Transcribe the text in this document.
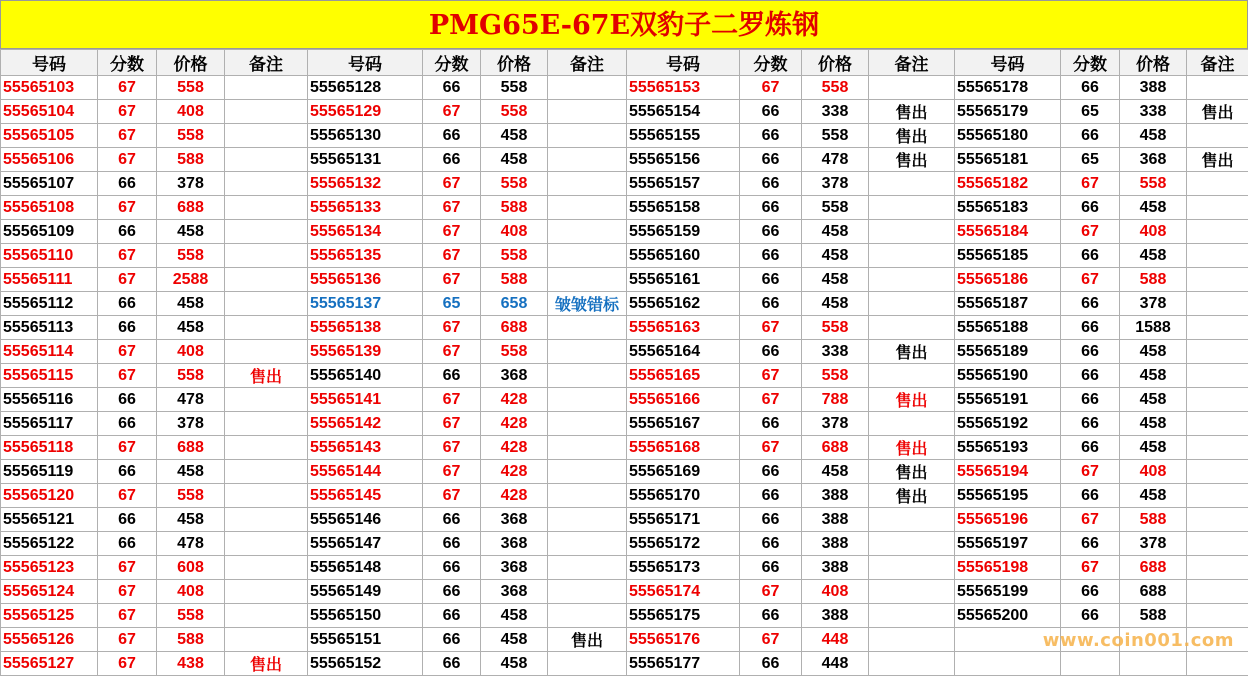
PMG65E-67E双豹子二罗炼钢
号码	分数	价格	备注	号码	分数	价格	备注	号码	分数	价格	备注	号码	分数	价格	备注
55565103	67	558		55565128	66	558		55565153	67	558		55565178	66	388	
55565104	67	408		55565129	67	558		55565154	66	338	售出	55565179	65	338	售出
55565105	67	558		55565130	66	458		55565155	66	558	售出	55565180	66	458	
55565106	67	588		55565131	66	458		55565156	66	478	售出	55565181	65	368	售出
55565107	66	378		55565132	67	558		55565157	66	378		55565182	67	558	
55565108	67	688		55565133	67	588		55565158	66	558		55565183	66	458	
55565109	66	458		55565134	67	408		55565159	66	458		55565184	67	408	
55565110	67	558		55565135	67	558		55565160	66	458		55565185	66	458	
55565111	67	2588		55565136	67	588		55565161	66	458		55565186	67	588	
55565112	66	458		55565137	65	658	皱皱错标	55565162	66	458		55565187	66	378	
55565113	66	458		55565138	67	688		55565163	67	558		55565188	66	1588	
55565114	67	408		55565139	67	558		55565164	66	338	售出	55565189	66	458	
55565115	67	558	售出	55565140	66	368		55565165	67	558		55565190	66	458	
55565116	66	478		55565141	67	428		55565166	67	788	售出	55565191	66	458	
55565117	66	378		55565142	67	428		55565167	66	378		55565192	66	458	
55565118	67	688		55565143	67	428		55565168	67	688	售出	55565193	66	458	
55565119	66	458		55565144	67	428		55565169	66	458	售出	55565194	67	408	
55565120	67	558		55565145	67	428		55565170	66	388	售出	55565195	66	458	
55565121	66	458		55565146	66	368		55565171	66	388		55565196	67	588	
55565122	66	478		55565147	66	368		55565172	66	388		55565197	66	378	
55565123	67	608		55565148	66	368		55565173	66	388		55565198	67	688	
55565124	67	408		55565149	66	368		55565174	67	408		55565199	66	688	
55565125	67	558		55565150	66	458		55565175	66	388		55565200	66	588	
55565126	67	588		55565151	66	458	售出	55565176	67	448					
55565127	67	438	售出	55565152	66	458		55565177	66	448					
www.coin001.com
